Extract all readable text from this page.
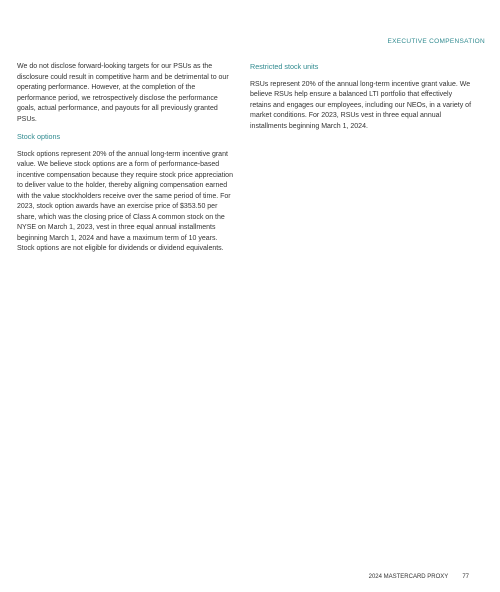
EXECUTIVE COMPENSATION

We do not disclose forward-looking targets for our PSUs as the disclosure could result in competitive harm and be detrimental to our operating performance. However, at the completion of the performance period, we retrospectively disclose the performance goals, actual performance, and payouts for all previously granted PSUs.

Stock options

Stock options represent 20% of the annual long-term incentive grant value. We believe stock options are a form of performance-based incentive compensation because they require stock price appreciation to deliver value to the holder, thereby aligning compensation earned with the value stockholders receive over the same period of time. For 2023, stock option awards have an exercise price of $353.50 per share, which was the closing price of Class A common stock on the NYSE on March 1, 2023, vest in three equal annual installments beginning March 1, 2024 and have a maximum term of 10 years. Stock options are not eligible for dividends or dividend equivalents.

Restricted stock units

RSUs represent 20% of the annual long-term incentive grant value. We believe RSUs help ensure a balanced LTI portfolio that effectively retains and engages our employees, including our NEOs, in a variety of market conditions. For 2023, RSUs vest in three equal annual installments beginning March 1, 2024.

2024 MASTERCARD PROXY 77
